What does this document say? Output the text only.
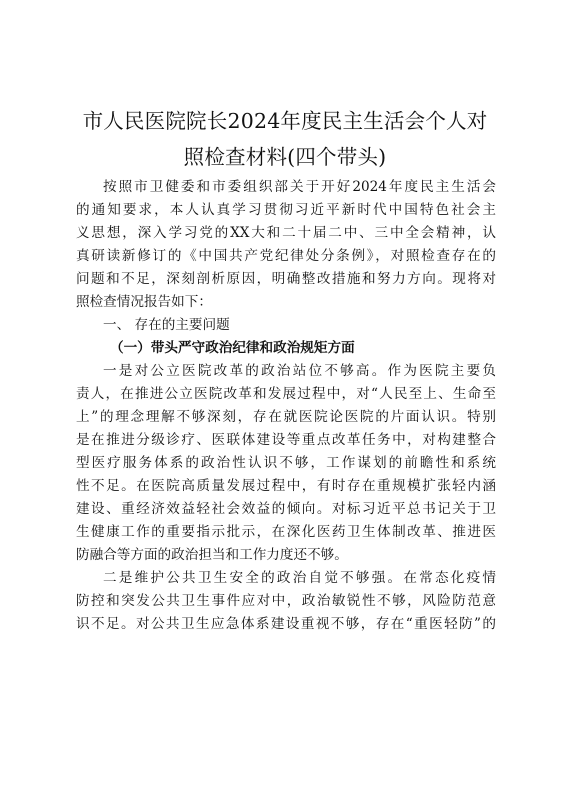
市人民医院院长2024年度民主生活会个人对
照检查材料(四个带头)
按照市卫健委和市委组织部关于开好2024年度民主生活会
的通知要求，本人认真学习贯彻习近平新时代中国特色社会主
义思想，深入学习党的XX大和二十届二中、三中全会精神，认
真研读新修订的《中国共产党纪律处分条例》，对照检查存在的
问题和不足，深刻剖析原因，明确整改措施和努力方向。现将对
照检查情况报告如下：
一、 存在的主要问题
（一）带头严守政治纪律和政治规矩方面
一是对公立医院改革的政治站位不够高。作为医院主要负
责人，在推进公立医院改革和发展过程中，对“人民至上、生命至
上”的理念理解不够深刻，存在就医院论医院的片面认识。特别
是在推进分级诊疗、医联体建设等重点改革任务中，对构建整合
型医疗服务体系的政治性认识不够，工作谋划的前瞻性和系统
性不足。在医院高质量发展过程中，有时存在重规模扩张轻内涵
建设、重经济效益轻社会效益的倾向。对标习近平总书记关于卫
生健康工作的重要指示批示，在深化医药卫生体制改革、推进医
防融合等方面的政治担当和工作力度还不够。
二是维护公共卫生安全的政治自觉不够强。在常态化疫情
防控和突发公共卫生事件应对中，政治敏锐性不够，风险防范意
识不足。对公共卫生应急体系建设重视不够，存在“重医轻防”的
